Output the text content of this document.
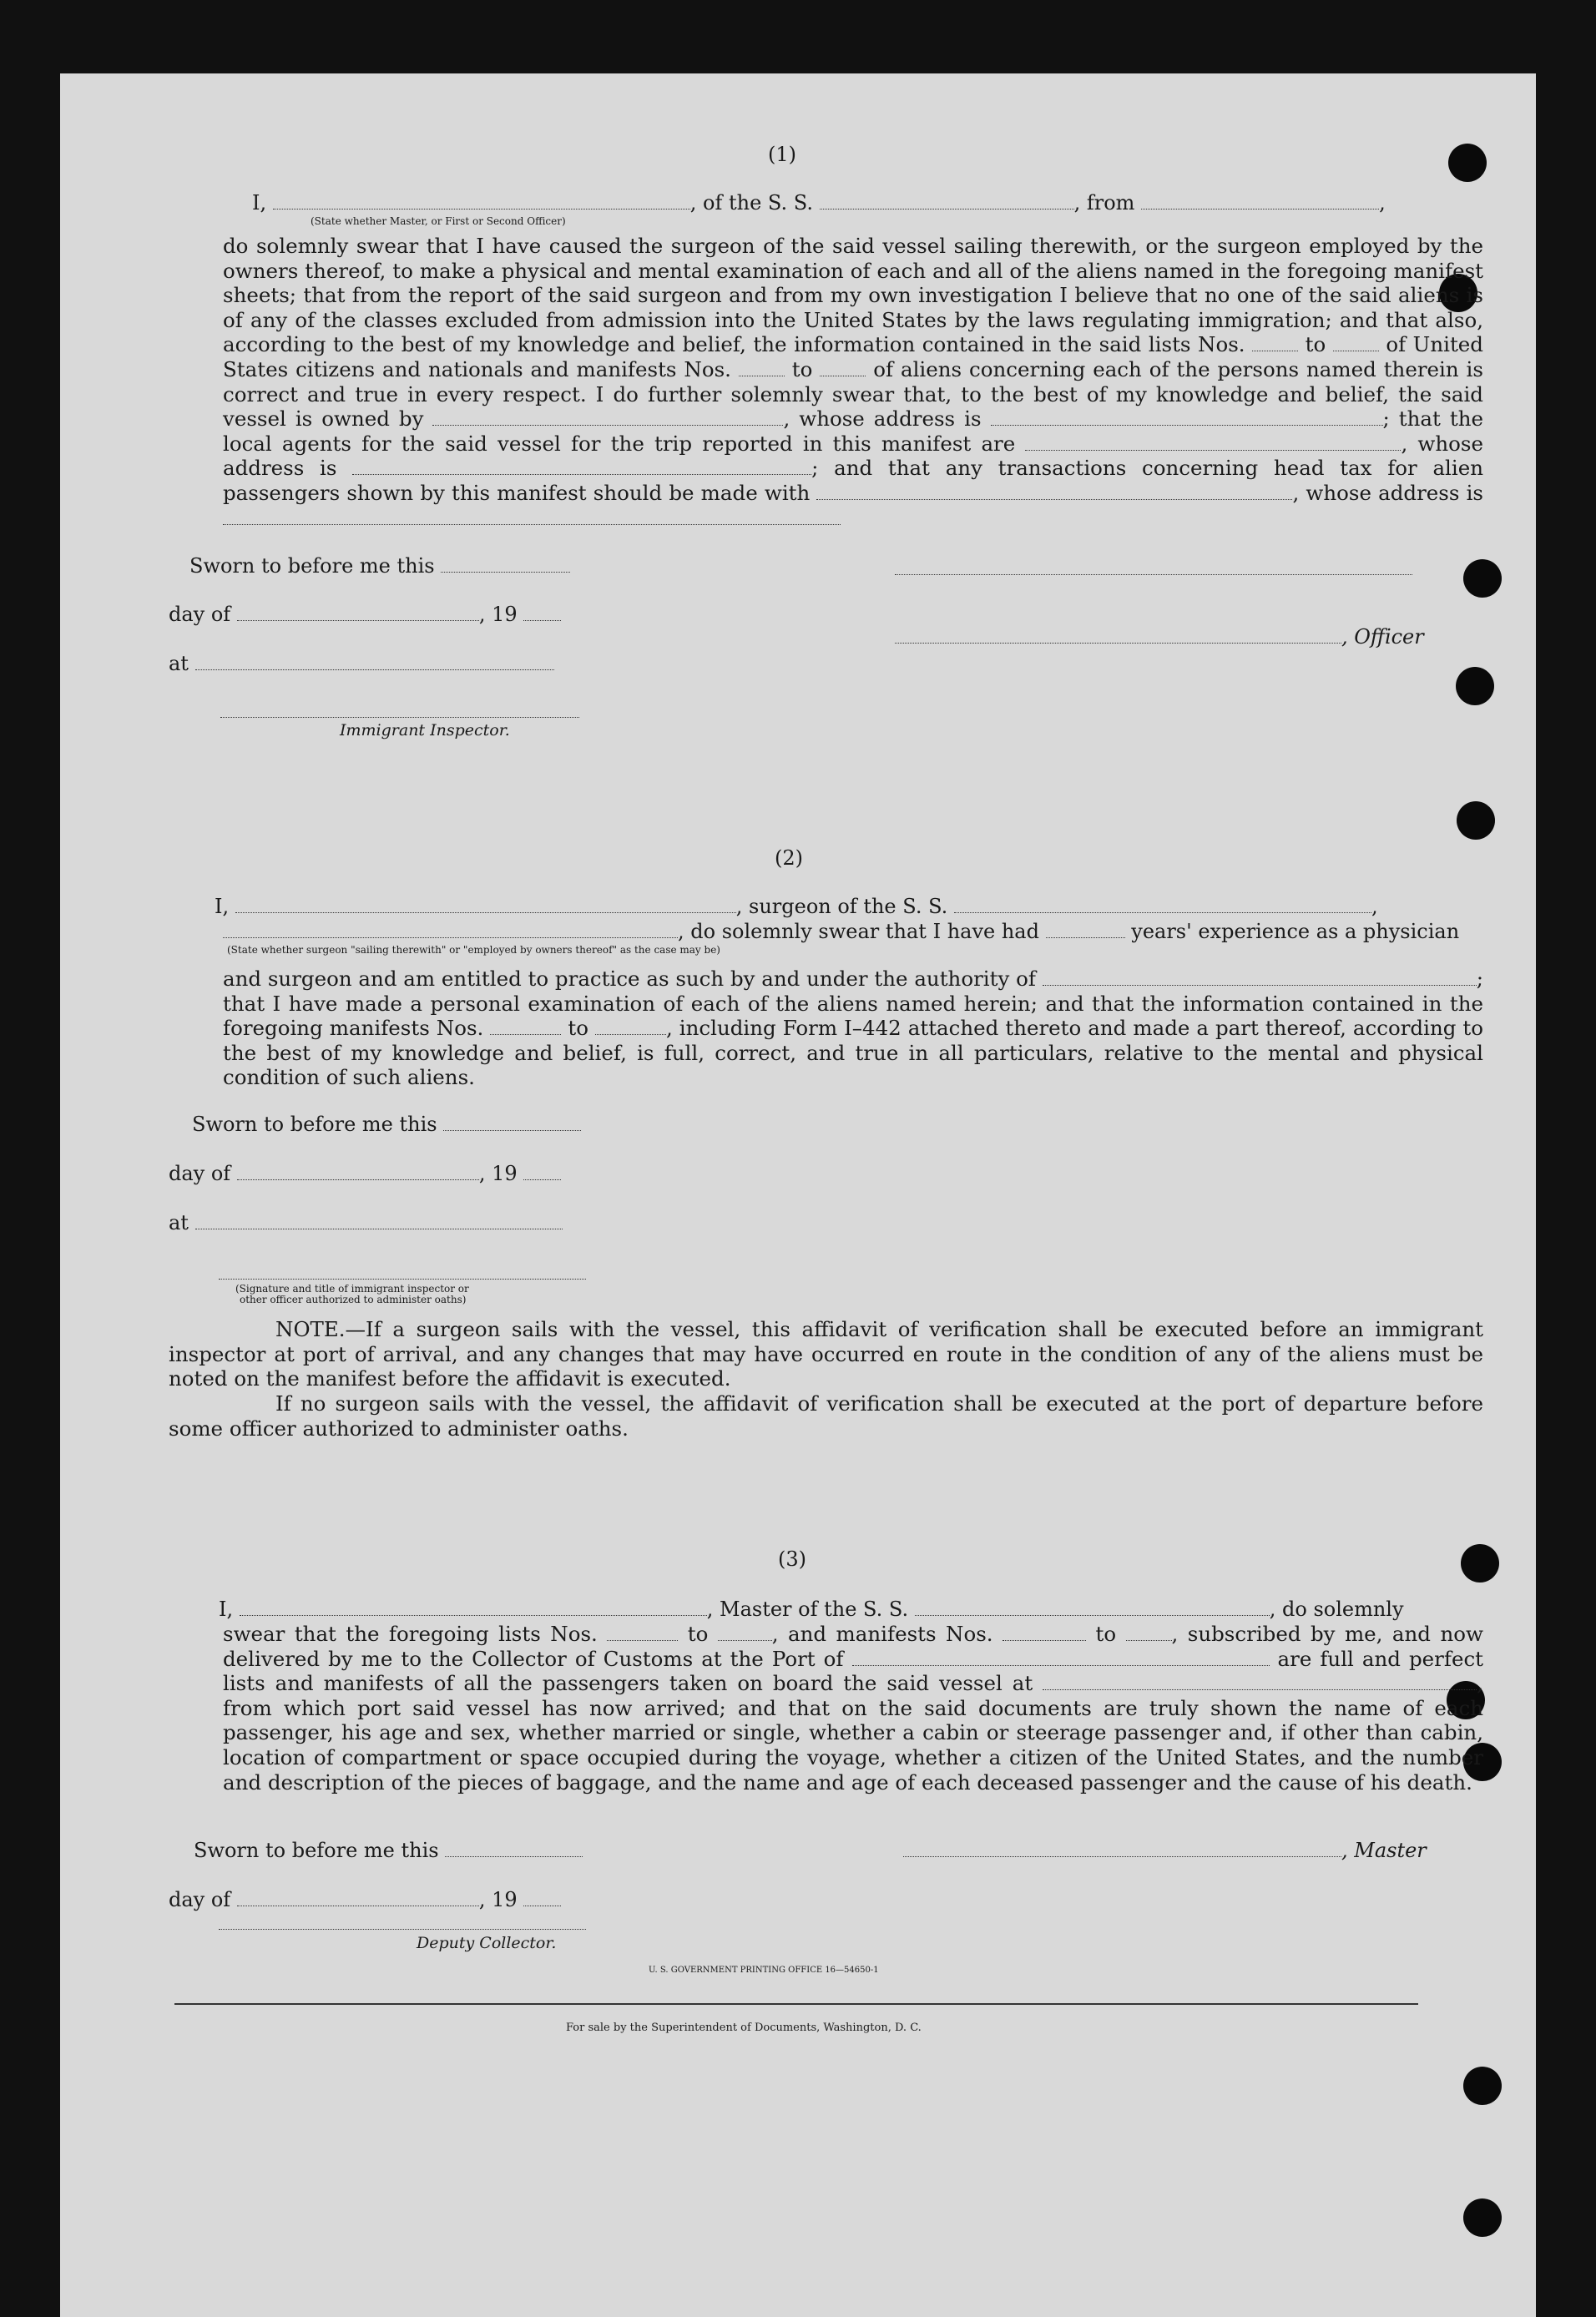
(1)
I,	, of the S. S.	, from	,
(State whether Master, or First or Second Officer)
do solemnly swear that I have caused the surgeon of the said vessel sailing therewith, or the surgeon employed by the owners thereof, to make a physical and mental examination of each and all of the aliens named in the foregoing manifest sheets; that from the report of the said surgeon and from my own investigation I believe that no one of the said aliens is of any of the classes excluded from admission into the United States by the laws regulating immigration; and that also, according to the best of my knowledge and belief, the information contained in the said lists Nos.	to	of United States citizens and nationals and manifests Nos.	to	of aliens concerning each of the persons named therein is correct and true in every respect. I do further solemnly swear that, to the best of my knowledge and belief, the said vessel is owned by	, whose address is	; that the local agents for the said vessel for the trip reported in this manifest are	, whose address is	; and that any transactions concerning head tax for alien passengers shown by this manifest should be made with	, whose address is
Sworn to before me this
day of	, 19
at
Immigrant Inspector.
, Officer
(2)
I,	, surgeon of the S. S.	,
, do solemnly swear that I have had	years' experience as a physician
(State whether surgeon "sailing therewith" or "employed by owners thereof" as the case may be)
and surgeon and am entitled to practice as such by and under the authority of	; that I have made a personal examination of each of the aliens named herein; and that the information contained in the foregoing manifests Nos.	to	, including Form I–442 attached thereto and made a part thereof, according to the best of my knowledge and belief, is full, correct, and true in all particulars, relative to the mental and physical condition of such aliens.
Sworn to before me this
day of	, 19
at
(Signature and title of immigrant inspector or
other officer authorized to administer oaths)
NOTE.—If a surgeon sails with the vessel, this affidavit of verification shall be executed before an immigrant inspector at port of arrival, and any changes that may have occurred en route in the condition of any of the aliens must be noted on the manifest before the affidavit is executed.
If no surgeon sails with the vessel, the affidavit of verification shall be executed at the port of departure before some officer authorized to administer oaths.
(3)
I,	, Master of the S. S.	, do solemnly
swear that the foregoing lists Nos.	to	, and manifests Nos.	to	, subscribed by me, and now delivered by me to the Collector of Customs at the Port of	are full and perfect lists and manifests of all the passengers taken on board the said vessel at	, from which port said vessel has now arrived; and that on the said documents are truly shown the name of each passenger, his age and sex, whether married or single, whether a cabin or steerage passenger and, if other than cabin, location of compartment or space occupied during the voyage, whether a citizen of the United States, and the number and description of the pieces of baggage, and the name and age of each deceased passenger and the cause of his death.
Sworn to before me this	, Master
day of	, 19
Deputy Collector.
U. S. GOVERNMENT PRINTING OFFICE 16—54650-1
For sale by the Superintendent of Documents, Washington, D. C.
